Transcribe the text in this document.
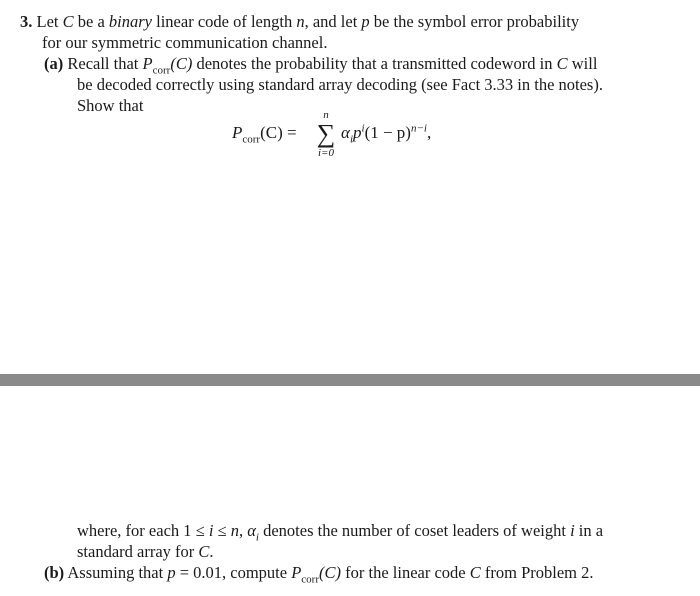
3. Let C be a binary linear code of length n, and let p be the symbol error probability
for our symmetric communication channel.
(a) Recall that $P_{corr}(C)$ denotes the probability that a transmitted codeword in C will
be decoded correctly using standard array decoding (see Fact 3.33 in the notes).
Show that
$P_{corr}(C)$ =
n
∑
i=0
$\alpha_ip^i(1 - p)^{n-i}$,
where, for each 1 ≤ i ≤ n, $\alpha_i$ denotes the number of coset leaders of weight i in a
standard array for C.
(b) Assuming that p = 0.01, compute $P_{corr}(C)$ for the linear code C from Problem 2.
